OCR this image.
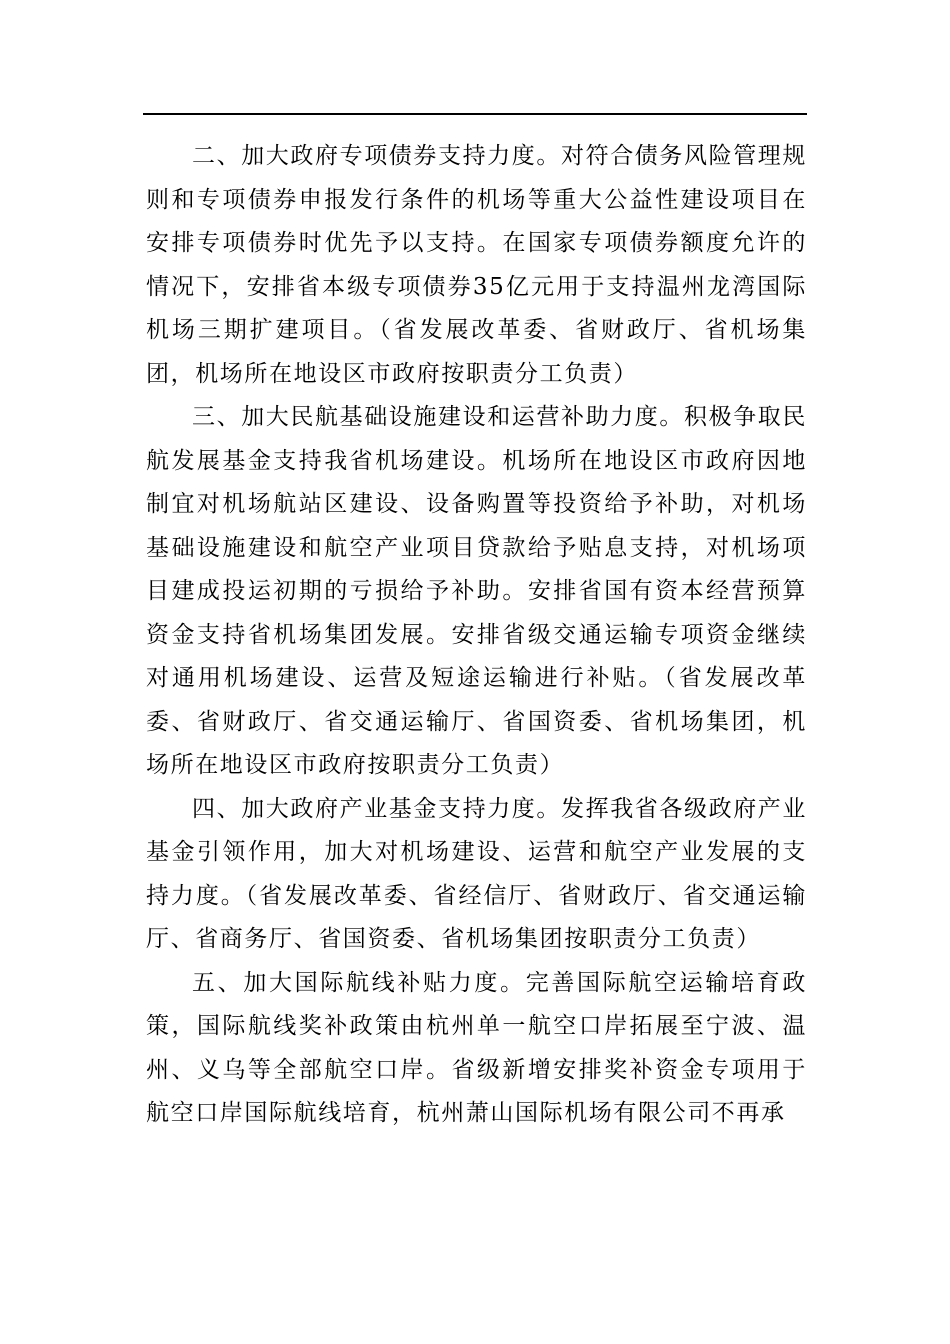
二、加大政府专项债券支持力度。对符合债务风险管理规则和专项债券申报发行条件的机场等重大公益性建设项目在安排专项债券时优先予以支持。在国家专项债券额度允许的情况下，安排省本级专项债券35亿元用于支持温州龙湾国际机场三期扩建项目。（省发展改革委、省财政厅、省机场集团，机场所在地设区市政府按职责分工负责）

三、加大民航基础设施建设和运营补助力度。积极争取民航发展基金支持我省机场建设。机场所在地设区市政府因地制宜对机场航站区建设、设备购置等投资给予补助，对机场基础设施建设和航空产业项目贷款给予贴息支持，对机场项目建成投运初期的亏损给予补助。安排省国有资本经营预算资金支持省机场集团发展。安排省级交通运输专项资金继续对通用机场建设、运营及短途运输进行补贴。（省发展改革委、省财政厅、省交通运输厅、省国资委、省机场集团，机场所在地设区市政府按职责分工负责）

四、加大政府产业基金支持力度。发挥我省各级政府产业基金引领作用，加大对机场建设、运营和航空产业发展的支持力度。（省发展改革委、省经信厅、省财政厅、省交通运输厅、省商务厅、省国资委、省机场集团按职责分工负责）

五、加大国际航线补贴力度。完善国际航空运输培育政策，国际航线奖补政策由杭州单一航空口岸拓展至宁波、温州、义乌等全部航空口岸。省级新增安排奖补资金专项用于航空口岸国际航线培育，杭州萧山国际机场有限公司不再承
